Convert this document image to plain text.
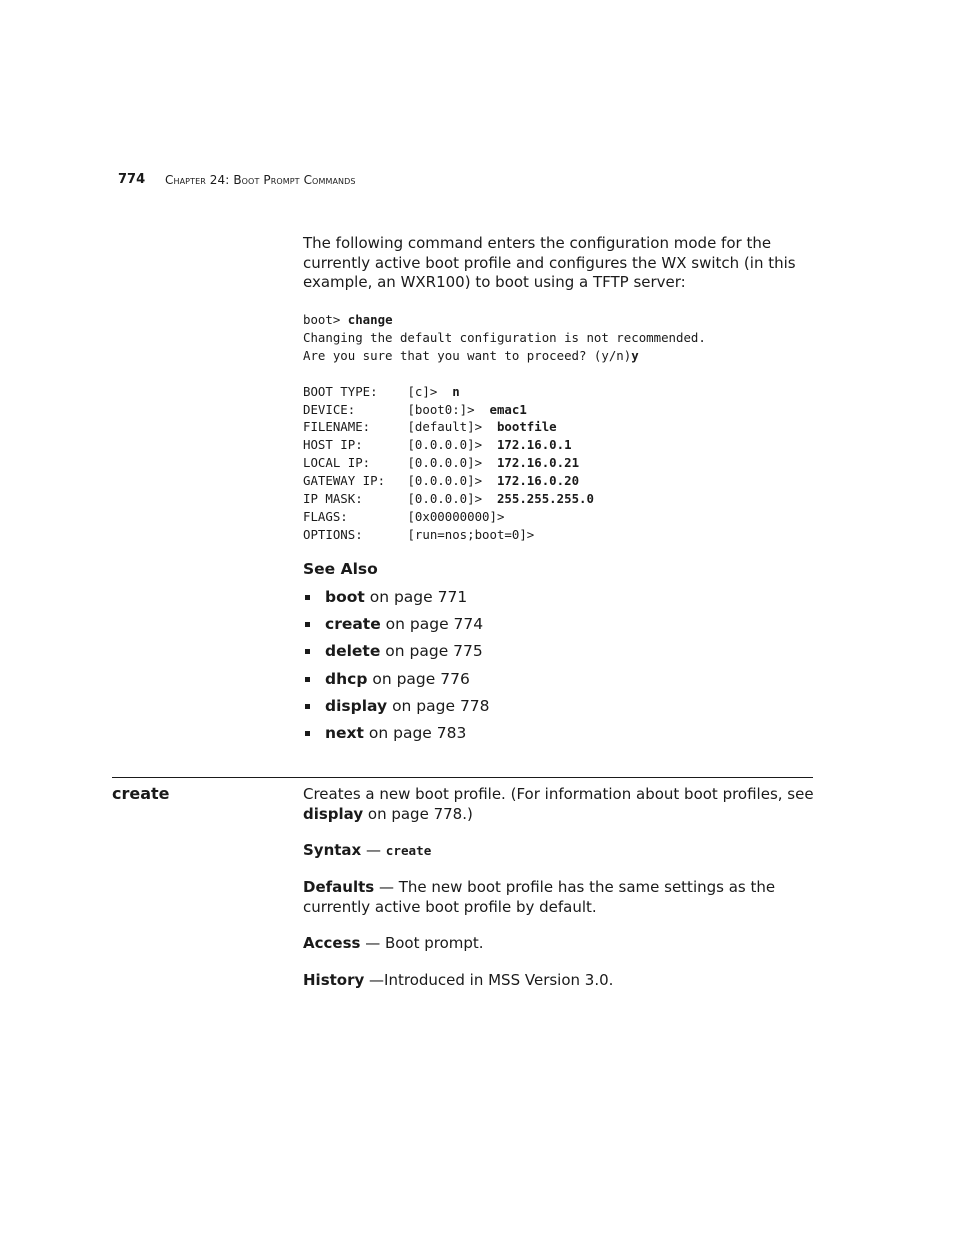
774 Chapter 24: Boot Prompt Commands

The following command enters the configuration mode for the currently active boot profile and configures the WX switch (in this example, an WXR100) to boot using a TFTP server:

boot> change
Changing the default configuration is not recommended.
Are you sure that you want to proceed? (y/n)y

BOOT TYPE:    [c]>  n
DEVICE:       [boot0:]>  emac1
FILENAME:     [default]>  bootfile
HOST IP:      [0.0.0.0]>  172.16.0.1
LOCAL IP:     [0.0.0.0]>  172.16.0.21
GATEWAY IP:   [0.0.0.0]>  172.16.0.20
IP MASK:      [0.0.0.0]>  255.255.255.0
FLAGS:        [0x00000000]>
OPTIONS:      [run=nos;boot=0]>
See Also
boot on page 771
create on page 774
delete on page 775
dhcp on page 776
display on page 778
next on page 783
create	Creates a new boot profile. (For information about boot profiles, see display on page 778.)

Syntax — create

Defaults — The new boot profile has the same settings as the currently active boot profile by default.

Access — Boot prompt.

History —Introduced in MSS Version 3.0.
